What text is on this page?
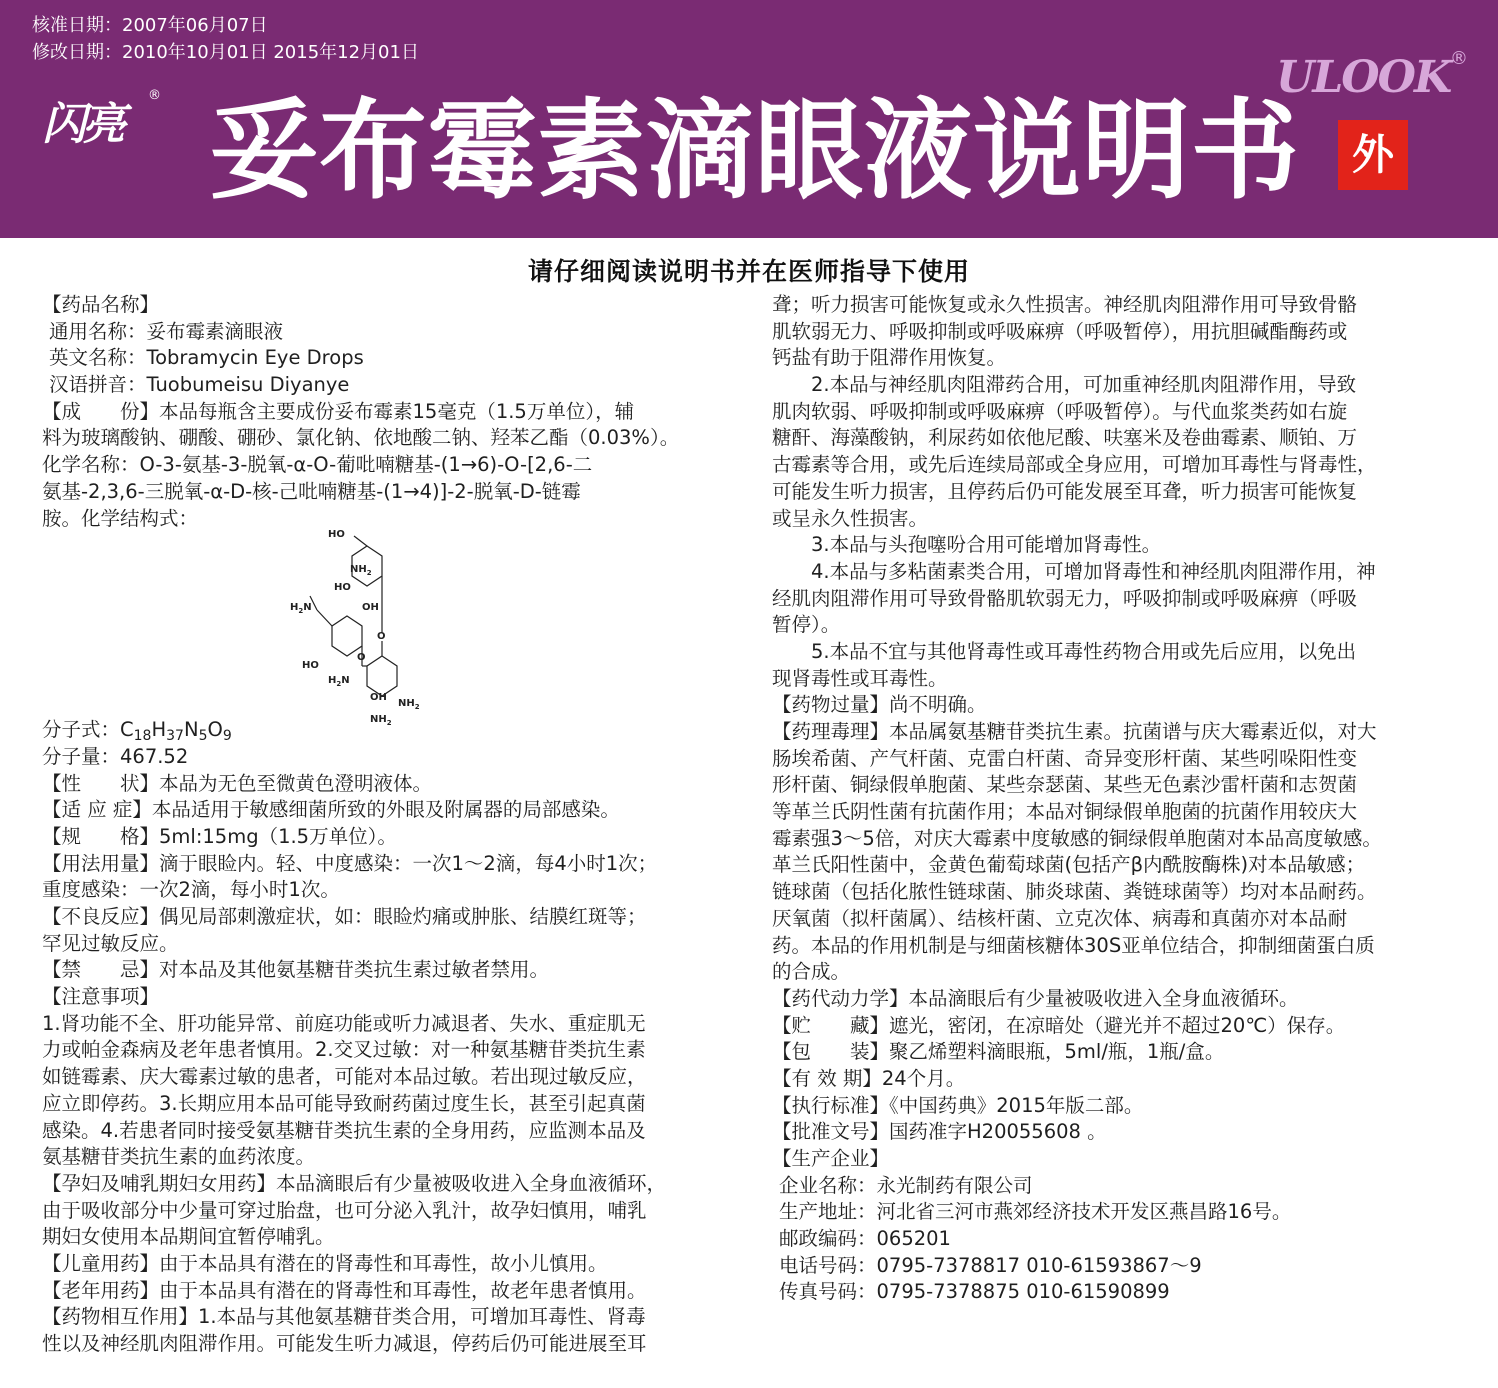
核准日期：2007年06月07日
修改日期：2010年10月01日 2015年12月01日
闪亮
® 妥布霉素滴眼液说明书
ULOOK ®
外
请仔细阅读说明书并在医师指导下使用
【药品名称】
通用名称：妥布霉素滴眼液
英文名称：Tobramycin Eye Drops
汉语拼音：Tuobumeisu Diyanye
【成　　份】本品每瓶含主要成份妥布霉素15毫克（1.5万单位），辅
料为玻璃酸钠、硼酸、硼砂、氯化钠、依地酸二钠、羟苯乙酯（0.03%）。
化学名称：O-3-氨基-3-脱氧-α-O-葡吡喃糖基-(1→6)-O-[2,6-二
氨基-2,3,6-三脱氧-α-D-核-己吡喃糖基-(1→4)]-2-脱氧-D-链霉
胺。化学结构式：
HO
$NH_2$
HO
OH
$H_2N$
HO
O
O
$H_2N$
OH
$NH_2$
$NH_2$
分子式：$C_{18}H_{37}N_5O_9$
分子量：467.52
【性　　状】本品为无色至微黄色澄明液体。
【适 应 症】本品适用于敏感细菌所致的外眼及附属器的局部感染。
【规　　格】5ml:15mg（1.5万单位）。
【用法用量】滴于眼睑内。轻、中度感染：一次1～2滴，每4小时1次；
重度感染：一次2滴，每小时1次。
【不良反应】偶见局部刺激症状，如：眼睑灼痛或肿胀、结膜红斑等；
罕见过敏反应。
【禁　　忌】对本品及其他氨基糖苷类抗生素过敏者禁用。
【注意事项】
1.肾功能不全、肝功能异常、前庭功能或听力减退者、失水、重症肌无
力或帕金森病及老年患者慎用。2.交叉过敏：对一种氨基糖苷类抗生素
如链霉素、庆大霉素过敏的患者，可能对本品过敏。若出现过敏反应，
应立即停药。3.长期应用本品可能导致耐药菌过度生长，甚至引起真菌
感染。4.若患者同时接受氨基糖苷类抗生素的全身用药，应监测本品及
氨基糖苷类抗生素的血药浓度。
【孕妇及哺乳期妇女用药】本品滴眼后有少量被吸收进入全身血液循环，
由于吸收部分中少量可穿过胎盘，也可分泌入乳汁，故孕妇慎用，哺乳
期妇女使用本品期间宜暂停哺乳。
【儿童用药】由于本品具有潜在的肾毒性和耳毒性，故小儿慎用。
【老年用药】由于本品具有潜在的肾毒性和耳毒性，故老年患者慎用。
【药物相互作用】1.本品与其他氨基糖苷类合用，可增加耳毒性、肾毒
性以及神经肌肉阻滞作用。可能发生听力减退，停药后仍可能进展至耳
聋；听力损害可能恢复或永久性损害。神经肌肉阻滞作用可导致骨骼
肌软弱无力、呼吸抑制或呼吸麻痹（呼吸暂停），用抗胆碱酯酶药或
钙盐有助于阻滞作用恢复。
　　2.本品与神经肌肉阻滞药合用，可加重神经肌肉阻滞作用，导致
肌肉软弱、呼吸抑制或呼吸麻痹（呼吸暂停）。与代血浆类药如右旋
糖酐、海藻酸钠，利尿药如依他尼酸、呋塞米及卷曲霉素、顺铂、万
古霉素等合用，或先后连续局部或全身应用，可增加耳毒性与肾毒性，
可能发生听力损害，且停药后仍可能发展至耳聋，听力损害可能恢复
或呈永久性损害。
　　3.本品与头孢噻吩合用可能增加肾毒性。
　　4.本品与多粘菌素类合用，可增加肾毒性和神经肌肉阻滞作用，神
经肌肉阻滞作用可导致骨骼肌软弱无力，呼吸抑制或呼吸麻痹（呼吸
暂停）。
　　5.本品不宜与其他肾毒性或耳毒性药物合用或先后应用，以免出
现肾毒性或耳毒性。
【药物过量】尚不明确。
【药理毒理】本品属氨基糖苷类抗生素。抗菌谱与庆大霉素近似，对大
肠埃希菌、产气杆菌、克雷白杆菌、奇异变形杆菌、某些吲哚阳性变
形杆菌、铜绿假单胞菌、某些奈瑟菌、某些无色素沙雷杆菌和志贺菌
等革兰氏阴性菌有抗菌作用；本品对铜绿假单胞菌的抗菌作用较庆大
霉素强3～5倍，对庆大霉素中度敏感的铜绿假单胞菌对本品高度敏感。
革兰氏阳性菌中，金黄色葡萄球菌(包括产β内酰胺酶株)对本品敏感；
链球菌（包括化脓性链球菌、肺炎球菌、粪链球菌等）均对本品耐药。
厌氧菌（拟杆菌属）、结核杆菌、立克次体、病毒和真菌亦对本品耐
药。本品的作用机制是与细菌核糖体30S亚单位结合，抑制细菌蛋白质
的合成。
【药代动力学】本品滴眼后有少量被吸收进入全身血液循环。
【贮　　藏】遮光，密闭，在凉暗处（避光并不超过20℃）保存。
【包　　装】聚乙烯塑料滴眼瓶，5ml/瓶，1瓶/盒。
【有 效 期】24个月。
【执行标准】《中国药典》2015年版二部。
【批准文号】国药准字H20055608 。
【生产企业】
企业名称：永光制药有限公司
生产地址：河北省三河市燕郊经济技术开发区燕昌路16号。
邮政编码：065201
电话号码：0795-7378817 010-61593867～9
传真号码：0795-7378875 010-61590899
